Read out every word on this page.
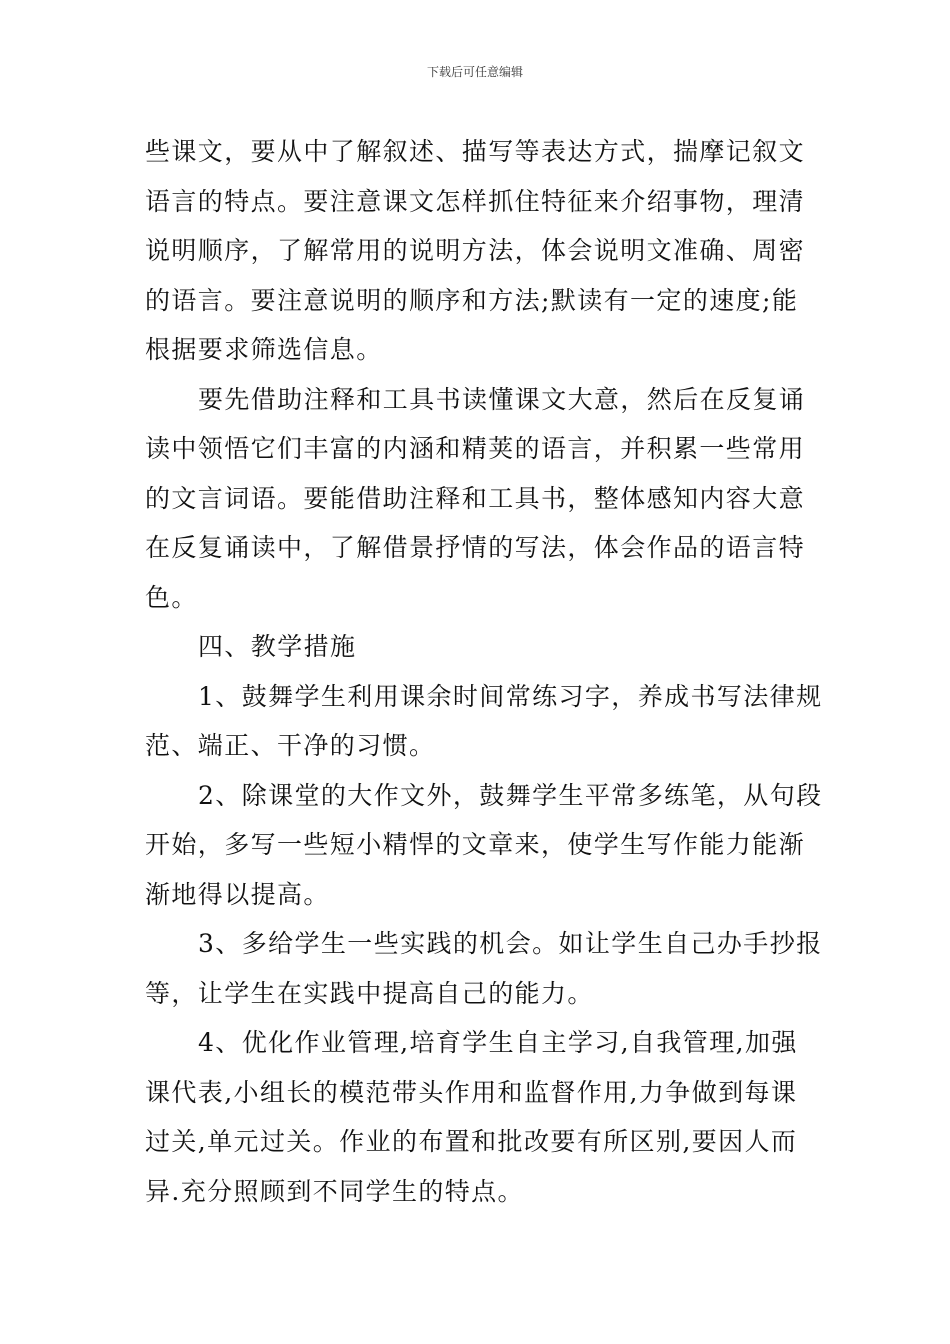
下载后可任意编辑
些课文，要从中了解叙述、描写等表达方式，揣摩记叙文
语言的特点。要注意课文怎样抓住特征来介绍事物，理清
说明顺序，了解常用的说明方法，体会说明文准确、周密
的语言。要注意说明的顺序和方法;默读有一定的速度;能
根据要求筛选信息。
要先借助注释和工具书读懂课文大意，然后在反复诵
读中领悟它们丰富的内涵和精荚的语言，并积累一些常用
的文言词语。要能借助注释和工具书，整体感知内容大意
在反复诵读中，了解借景抒情的写法，体会作品的语言特
色。
四、教学措施
1、鼓舞学生利用课余时间常练习字，养成书写法律规
范、端正、干净的习惯。
2、除课堂的大作文外，鼓舞学生平常多练笔，从句段
开始，多写一些短小精悍的文章来，使学生写作能力能渐
渐地得以提高。
3、多给学生一些实践的机会。如让学生自己办手抄报
等，让学生在实践中提高自己的能力。
4、优化作业管理,培育学生自主学习,自我管理,加强
课代表,小组长的模范带头作用和监督作用,力争做到每课
过关,单元过关。作业的布置和批改要有所区别,要因人而
异.充分照顾到不同学生的特点。
